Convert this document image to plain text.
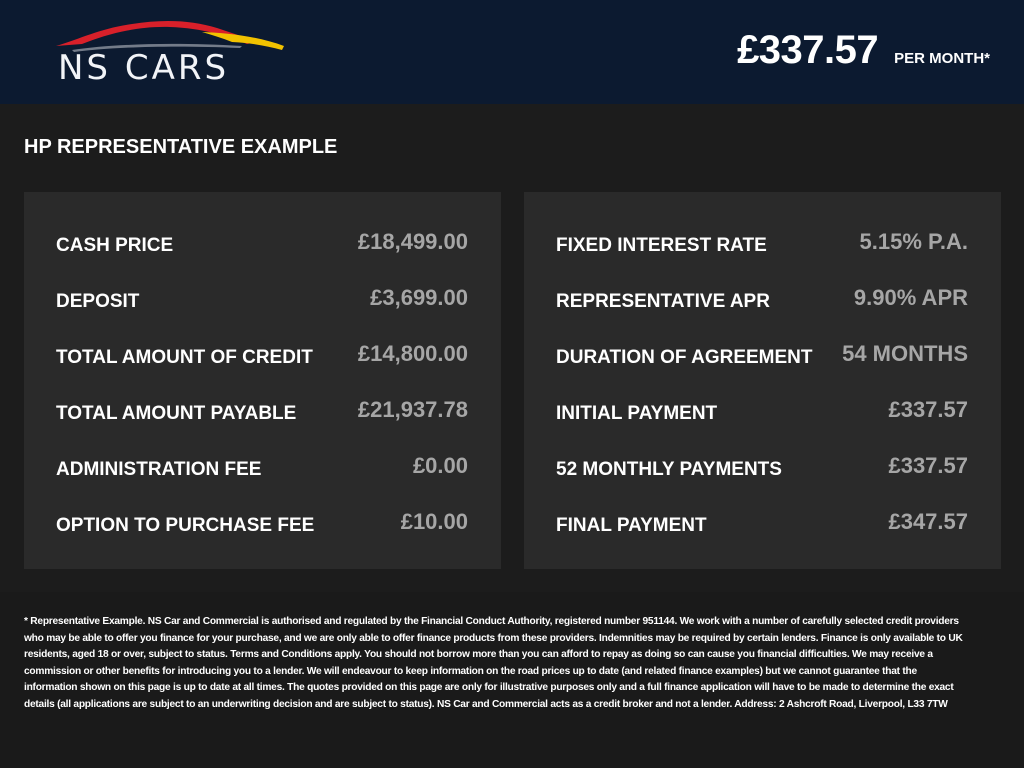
NS CARS	£337.57 PER MONTH*
HP REPRESENTATIVE EXAMPLE
CASH PRICE	£18,499.00
DEPOSIT	£3,699.00
TOTAL AMOUNT OF CREDIT £14,800.00
TOTAL AMOUNT PAYABLE	£21,937.78
ADMINISTRATION FEE	£0.00
OPTION TO PURCHASE FEE	£10.00
FIXED INTEREST RATE	5.15% P.A.
REPRESENTATIVE APR	9.90% APR
DURATION OF AGREEMENT 54 MONTHS
INITIAL PAYMENT	£337.57
52 MONTHLY PAYMENTS	£337.57
FINAL PAYMENT	£347.57
* Representative Example. NS Car and Commercial is authorised and regulated by the Financial Conduct Authority, registered number 951144. We work with a number of carefully selected credit providers who may be able to offer you finance for your purchase, and we are only able to offer finance products from these providers. Indemnities may be required by certain lenders. Finance is only available to UK residents, aged 18 or over, subject to status. Terms and Conditions apply. You should not borrow more than you can afford to repay as doing so can cause you financial difficulties. We may receive a commission or other benefits for introducing you to a lender. We will endeavour to keep information on the road prices up to date (and related finance examples) but we cannot guarantee that the information shown on this page is up to date at all times. The quotes provided on this page are only for illustrative purposes only and a full finance application will have to be made to determine the exact details (all applications are subject to an underwriting decision and are subject to status). NS Car and Commercial acts as a credit broker and not a lender. Address: 2 Ashcroft Road, Liverpool, L33 7TW
